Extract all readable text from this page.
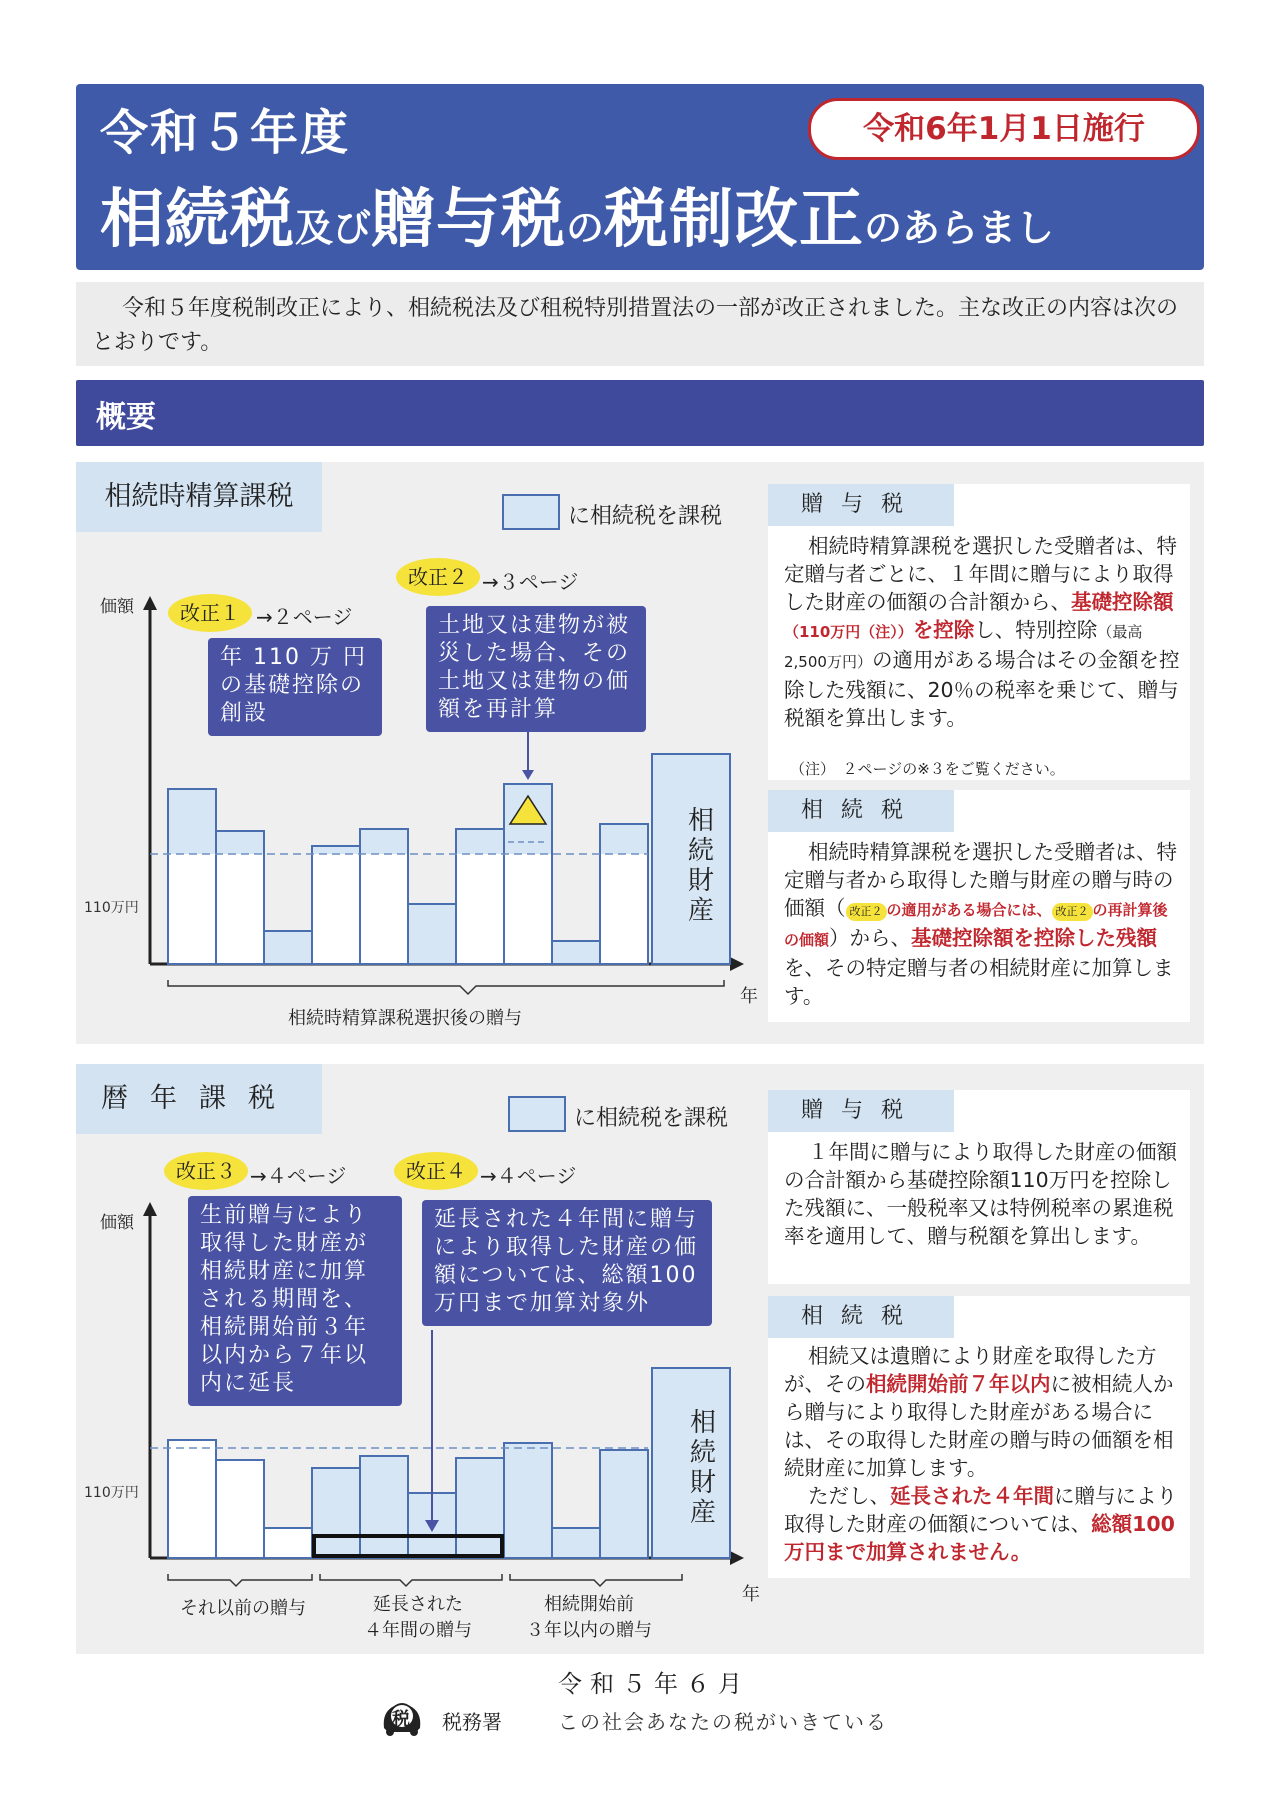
令和５年度
相続税及び贈与税の税制改正のあらまし
令和6年1月1日施行
令和５年度税制改正により、相続税法及び租税特別措置法の一部が改正されました。主な改正の内容は次のとおりです。
概要
相続時精算課税
に相続税を課税
価額
110万円
年
相続時精算課税選択後の贈与
相続財産
改正１ →２ページ
年 110 万 円の基礎控除の創設
改正２ →３ページ
土地又は建物が被災した場合、その土地又は建物の価額を再計算
贈与税
相続時精算課税を選択した受贈者は、特定贈与者ごとに、１年間に贈与により取得した財産の価額の合計額から、基礎控除額（110万円（注））を控除し、特別控除（最高2,500万円）の適用がある場合はその金額を控除した残額に、20％の税率を乗じて、贈与税額を算出します。
（注）　２ページの※３をご覧ください。
相続税
相続時精算課税を選択した受贈者は、特定贈与者から取得した贈与財産の贈与時の価額（ 改正２ の適用がある場合には、 改正２ の再計算後の価額）から、基礎控除額を控除した残額を、その特定贈与者の相続財産に加算します。
暦年課税
に相続税を課税
価額
110万円
年
それ以前の贈与	延長された
４年間の贈与
相続開始前
３年以内の贈与
相続財産
改正３ →４ページ
生前贈与により取得した財産が相続財産に加算される期間を、相続開始前３年以内から７年以内に延長
改正４ →４ページ
延長された４年間に贈与により取得した財産の価額については、総額100万円まで加算対象外
贈与税
１年間に贈与により取得した財産の価額の合計額から基礎控除額110万円を控除した残額に、一般税率又は特例税率の累進税率を適用して、贈与税額を算出します。
相続税
相続又は遺贈により財産を取得した方が、その相続開始前７年以内に被相続人から贈与により取得した財産がある場合には、その取得した財産の贈与時の価額を相続財産に加算します。
ただし、延長された４年間に贈与により取得した財産の価額については、総額100万円まで加算されません。
令和５年６月
税 税務署	この社会あなたの税がいきている
